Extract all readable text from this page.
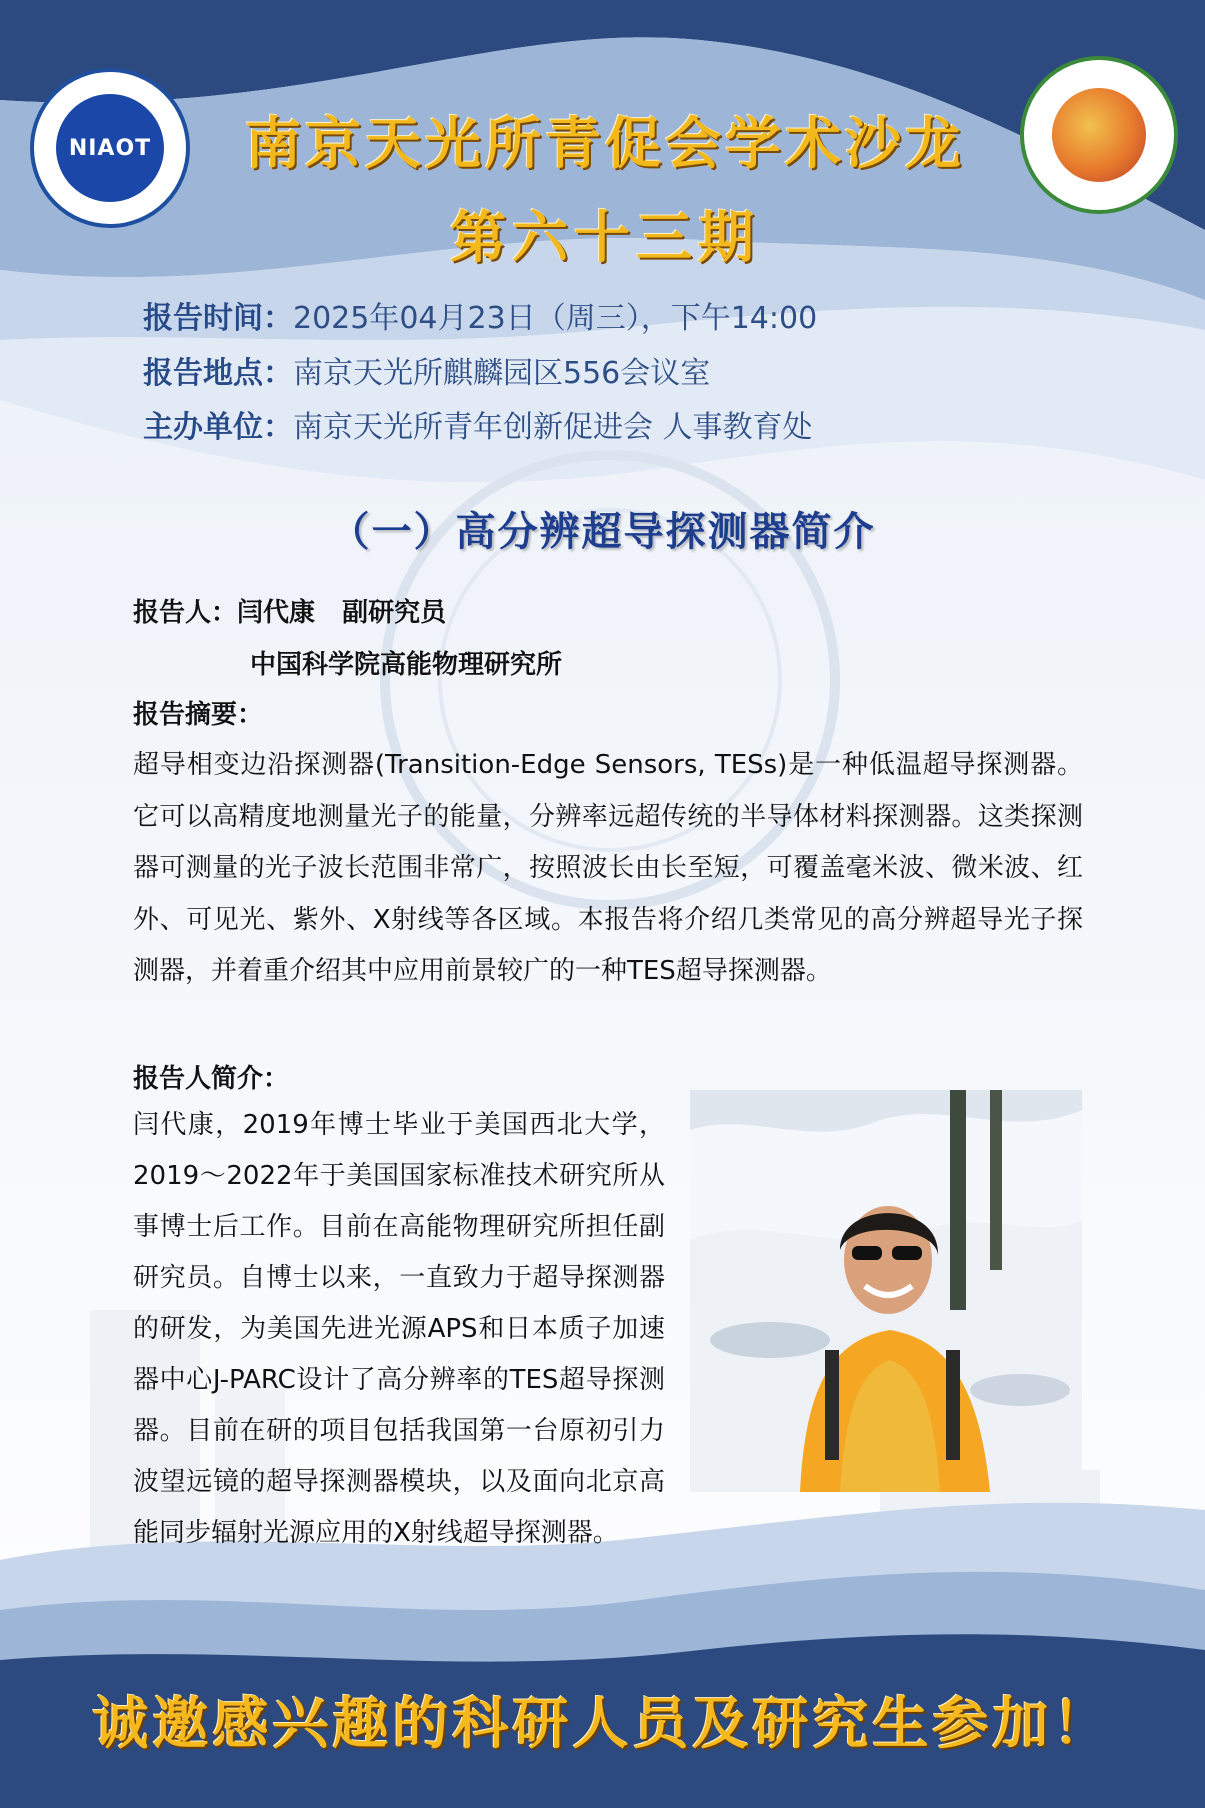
NIAOT	南京天光所青促会学术沙龙
第六十三期
报告时间：2025年04月23日（周三），下午14:00
报告地点：南京天光所麒麟园区556会议室
主办单位：南京天光所青年创新促进会 人事教育处
（一）高分辨超导探测器简介
报告人：闫代康   副研究员
中国科学院高能物理研究所
报告摘要：
超导相变边沿探测器(Transition-Edge Sensors, TESs)是一种低温超导探测器。它可以高精度地测量光子的能量，分辨率远超传统的半导体材料探测器。这类探测器可测量的光子波长范围非常广，按照波长由长至短，可覆盖毫米波、微米波、红外、可见光、紫外、X射线等各区域。本报告将介绍几类常见的高分辨超导光子探测器，并着重介绍其中应用前景较广的一种TES超导探测器。
报告人简介：
闫代康，2019年博士毕业于美国西北大学，2019～2022年于美国国家标准技术研究所从事博士后工作。目前在高能物理研究所担任副研究员。自博士以来，一直致力于超导探测器的研发，为美国先进光源APS和日本质子加速器中心J-PARC设计了高分辨率的TES超导探测器。目前在研的项目包括我国第一台原初引力波望远镜的超导探测器模块，以及面向北京高能同步辐射光源应用的X射线超导探测器。
诚邀感兴趣的科研人员及研究生参加！
